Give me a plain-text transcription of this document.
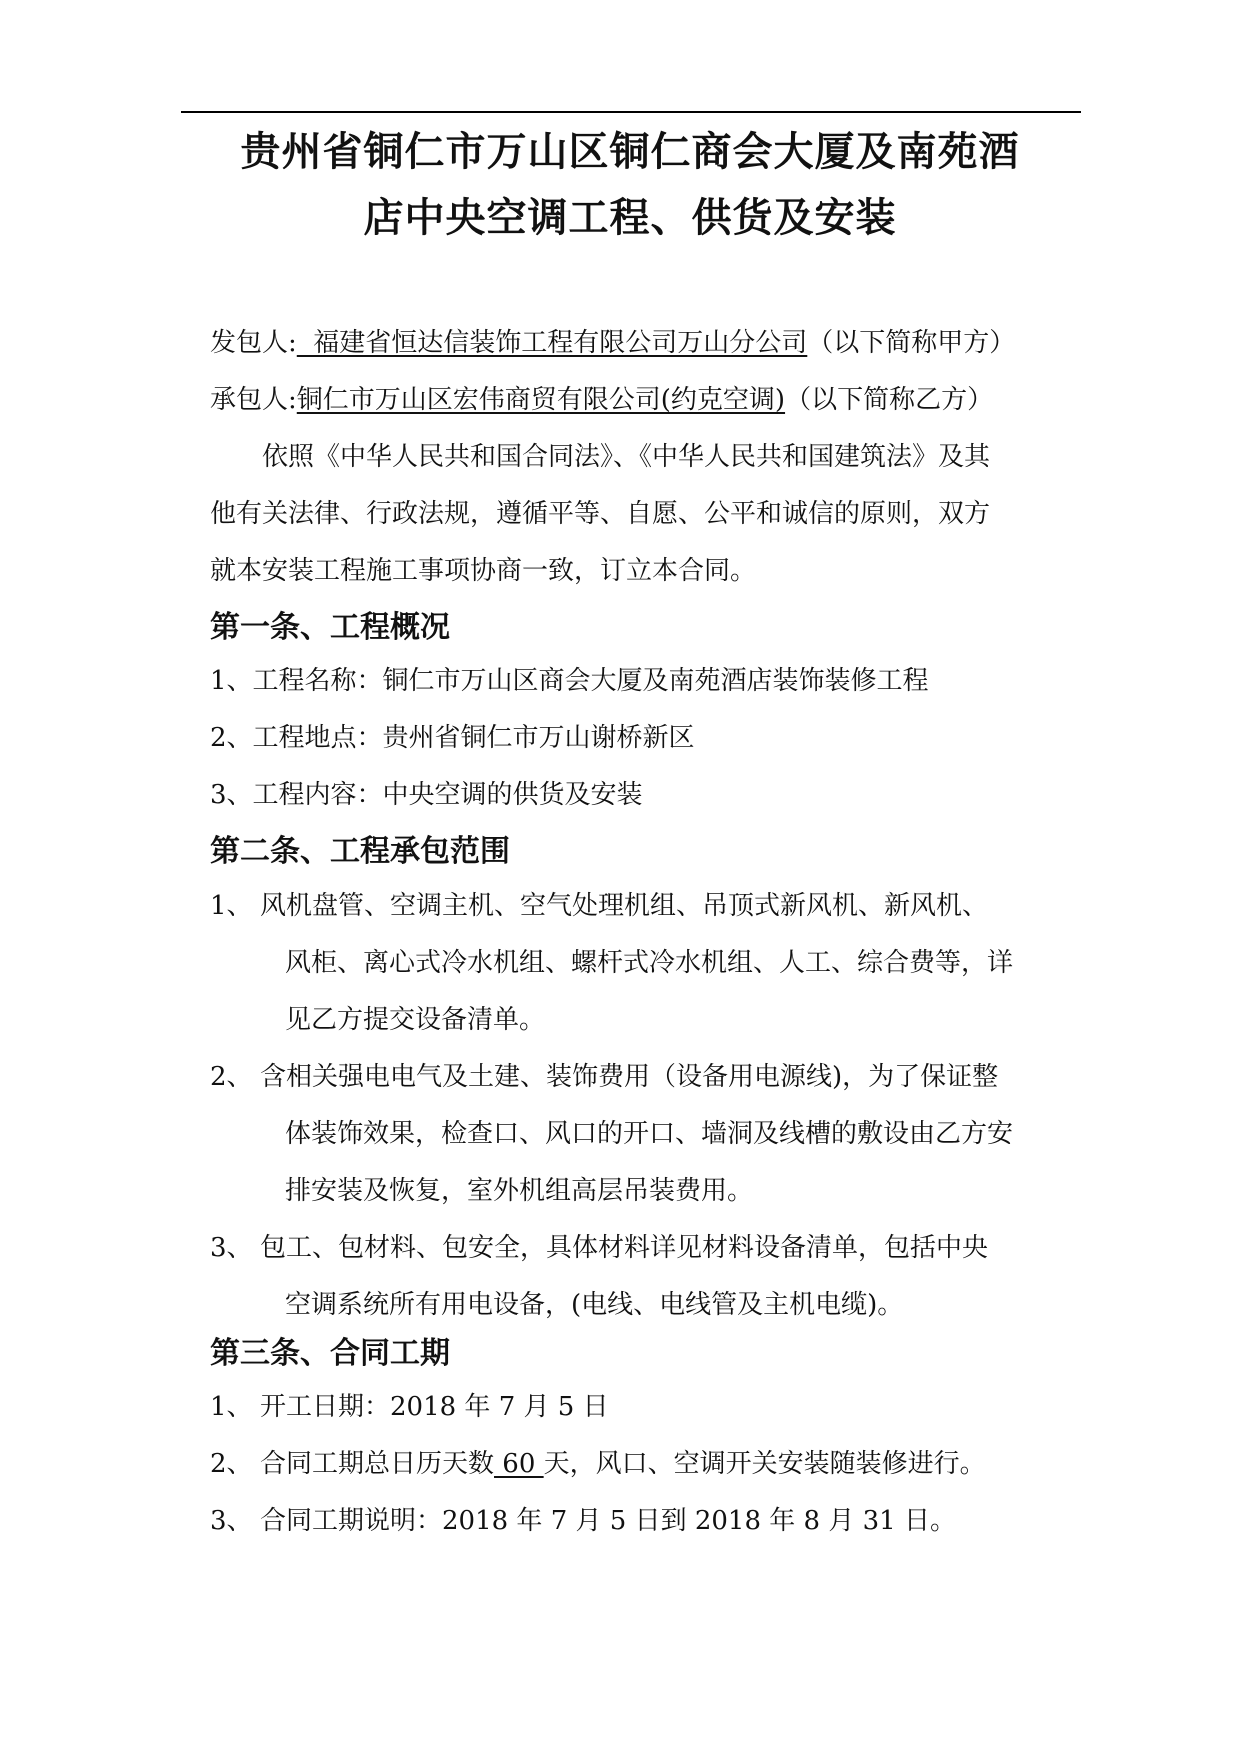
贵州省铜仁市万山区铜仁商会大厦及南苑酒
店中央空调工程、供货及安装
发包人:  福建省恒达信装饰工程有限公司万山分公司（以下简称甲方）
承包人:铜仁市万山区宏伟商贸有限公司(约克空调)（以下简称乙方）
依照《中华人民共和国合同法》、《中华人民共和国建筑法》及其
他有关法律、行政法规，遵循平等、自愿、公平和诚信的原则，双方
就本安装工程施工事项协商一致，订立本合同。
第一条、工程概况
1、工程名称：铜仁市万山区商会大厦及南苑酒店装饰装修工程
2、工程地点：贵州省铜仁市万山谢桥新区
3、工程内容：中央空调的供货及安装
第二条、工程承包范围
1、 风机盘管、空调主机、空气处理机组、吊顶式新风机、新风机、
风柜、离心式冷水机组、螺杆式冷水机组、人工、综合费等，详
见乙方提交设备清单。
2、 含相关强电电气及土建、装饰费用（设备用电源线)，为了保证整
体装饰效果，检查口、风口的开口、墙洞及线槽的敷设由乙方安
排安装及恢复，室外机组高层吊装费用。
3、 包工、包材料、包安全，具体材料详见材料设备清单，包括中央
空调系统所有用电设备，(电线、电线管及主机电缆)。
第三条、合同工期
1、 开工日期：2018 年 7 月 5 日
2、 合同工期总日历天数 60 天，风口、空调开关安装随装修进行。
3、 合同工期说明：2018 年 7 月 5 日到 2018 年 8 月 31 日。
